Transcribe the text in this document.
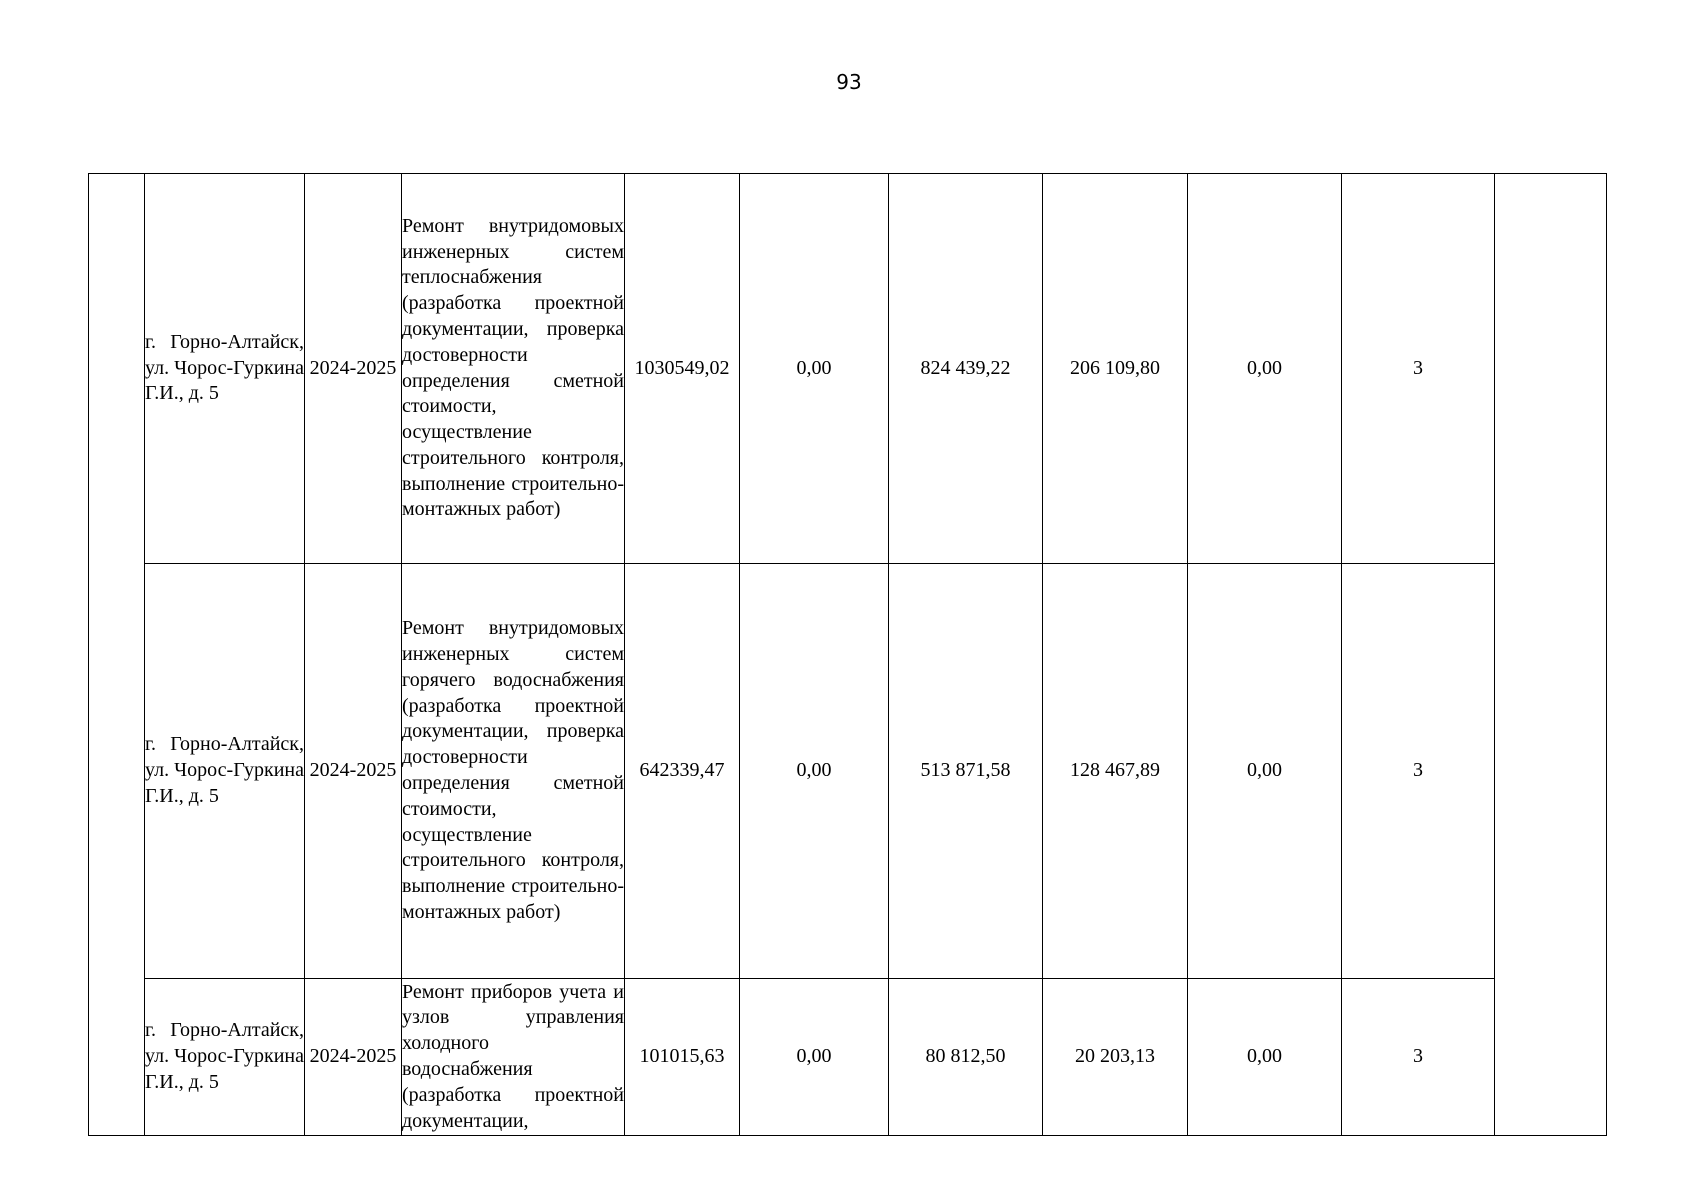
93
	г. Горно-Алтайск, ул. Чорос-Гуркина Г.И., д. 5	2024-2025	Ремонт внутридомовых инженерных систем теплоснабжения (разработка проектной документации, проверка достоверности определения сметной стоимости, осуществление строительного контроля, выполнение строительно-монтажных работ)	1030549,02	0,00	824 439,22	206 109,80	0,00	3	
	г. Горно-Алтайск, ул. Чорос-Гуркина Г.И., д. 5	2024-2025	Ремонт внутридомовых инженерных систем горячего водоснабжения (разработка проектной документации, проверка достоверности определения сметной стоимости, осуществление строительного контроля, выполнение строительно-монтажных работ)	642339,47	0,00	513 871,58	128 467,89	0,00	3	
	г. Горно-Алтайск, ул. Чорос-Гуркина Г.И., д. 5	2024-2025	Ремонт приборов учета и узлов управления холодного водоснабжения (разработка проектной документации,	101015,63	0,00	80 812,50	20 203,13	0,00	3	
